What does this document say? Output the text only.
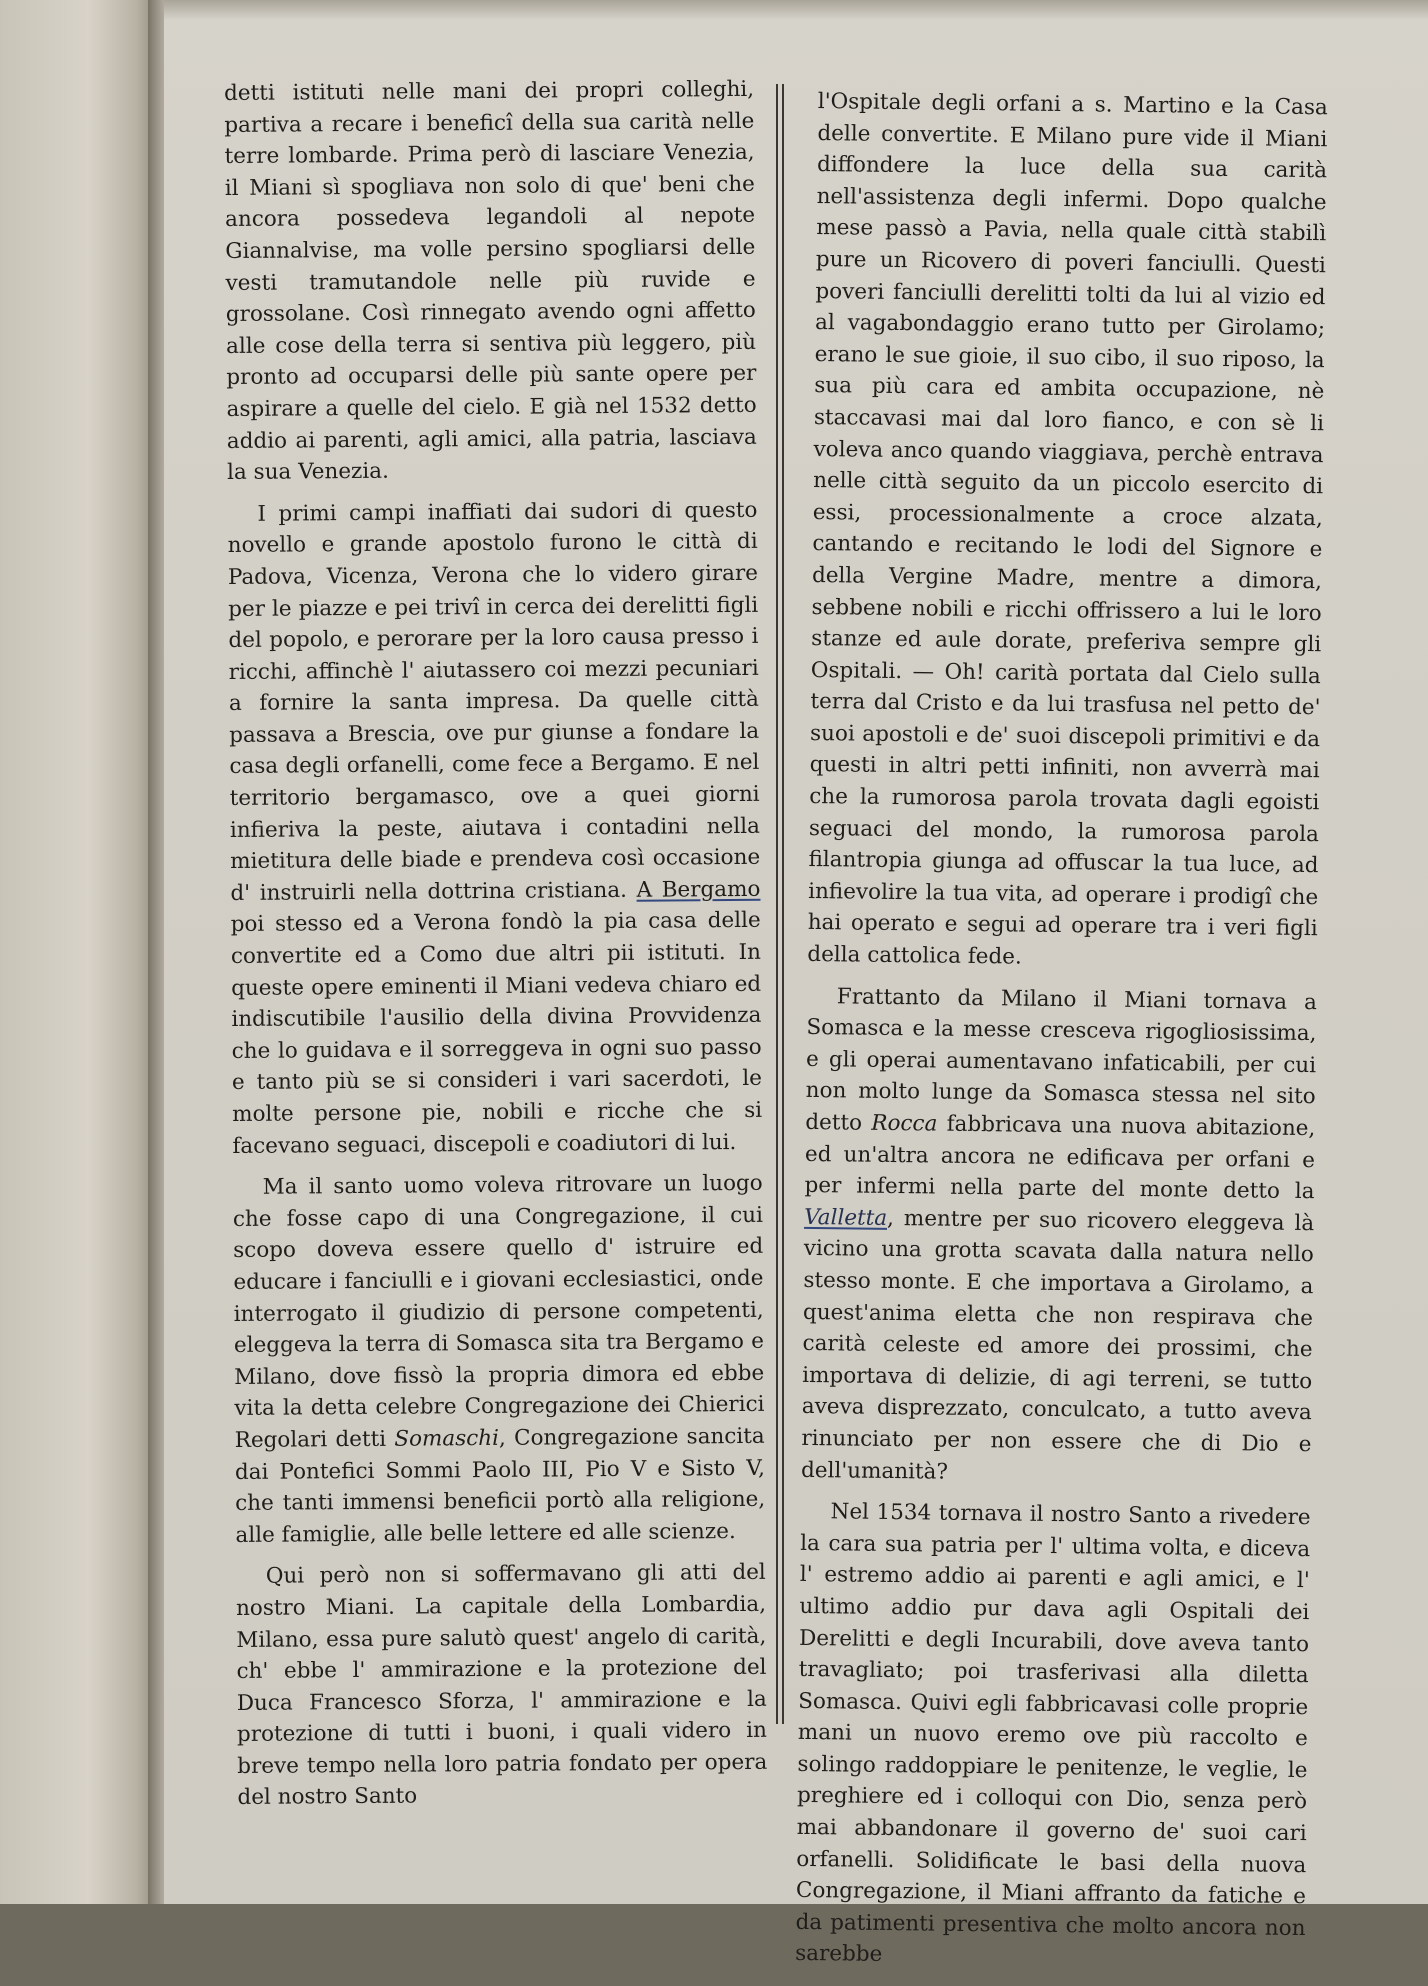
detti istituti nelle mani dei propri colleghi, partiva a recare i beneficî della sua carità nelle terre lombarde. Prima però di lasciare Venezia, il Miani sì spogliava non solo di que' beni che ancora possedeva legandoli al nepote Giannalvise, ma volle persino spogliarsi delle vesti tramutandole nelle più ruvide e grossolane. Così rinnegato avendo ogni affetto alle cose della terra si sentiva più leggero, più pronto ad occuparsi delle più sante opere per aspirare a quelle del cielo. E già nel 1532 detto addio ai parenti, agli amici, alla patria, lasciava la sua Venezia.

I primi campi inaffiati dai sudori di questo novello e grande apostolo furono le città di Padova, Vicenza, Verona che lo videro girare per le piazze e pei trivî in cerca dei derelitti figli del popolo, e perorare per la loro causa presso i ricchi, affinchè l' aiutassero coi mezzi pecuniari a fornire la santa impresa. Da quelle città passava a Brescia, ove pur giunse a fondare la casa degli orfanelli, come fece a Bergamo. E nel territorio bergamasco, ove a quei giorni infieriva la peste, aiutava i contadini nella mietitura delle biade e prendeva così occasione d' instruirli nella dottrina cristiana. A Bergamo poi stesso ed a Verona fondò la pia casa delle convertite ed a Como due altri pii istituti. In queste opere eminenti il Miani vedeva chiaro ed indiscutibile l'ausilio della divina Provvidenza che lo guidava e il sorreggeva in ogni suo passo e tanto più se si consideri i vari sacerdoti, le molte persone pie, nobili e ricche che si facevano seguaci, discepoli e coadiutori di lui.

Ma il santo uomo voleva ritrovare un luogo che fosse capo di una Congregazione, il cui scopo doveva essere quello d' istruire ed educare i fanciulli e i giovani ecclesiastici, onde interrogato il giudizio di persone competenti, eleggeva la terra di Somasca sita tra Bergamo e Milano, dove fissò la propria dimora ed ebbe vita la detta celebre Congregazione dei Chierici Regolari detti Somaschi, Congregazione sancita dai Pontefici Sommi Paolo III, Pio V e Sisto V, che tanti immensi beneficii portò alla religione, alle famiglie, alle belle lettere ed alle scienze.

Qui però non si soffermavano gli atti del nostro Miani. La capitale della Lombardia, Milano, essa pure salutò quest' angelo di carità, ch' ebbe l' ammirazione e la protezione del Duca Francesco Sforza, l' ammirazione e la protezione di tutti i buoni, i quali videro in breve tempo nella loro patria fondato per opera del nostro Santo

l'Ospitale degli orfani a s. Martino e la Casa delle convertite. E Milano pure vide il Miani diffondere la luce della sua carità nell'assistenza degli infermi. Dopo qualche mese passò a Pavia, nella quale città stabilì pure un Ricovero di poveri fanciulli. Questi poveri fanciulli derelitti tolti da lui al vizio ed al vagabondaggio erano tutto per Girolamo; erano le sue gioie, il suo cibo, il suo riposo, la sua più cara ed ambita occupazione, nè staccavasi mai dal loro fianco, e con sè li voleva anco quando viaggiava, perchè entrava nelle città seguito da un piccolo esercito di essi, processionalmente a croce alzata, cantando e recitando le lodi del Signore e della Vergine Madre, mentre a dimora, sebbene nobili e ricchi offrissero a lui le loro stanze ed aule dorate, preferiva sempre gli Ospitali. — Oh! carità portata dal Cielo sulla terra dal Cristo e da lui trasfusa nel petto de' suoi apostoli e de' suoi discepoli primitivi e da questi in altri petti infiniti, non avverrà mai che la rumorosa parola trovata dagli egoisti seguaci del mondo, la rumorosa parola filantropia giunga ad offuscar la tua luce, ad infievolire la tua vita, ad operare i prodigî che hai operato e segui ad operare tra i veri figli della cattolica fede.

Frattanto da Milano il Miani tornava a Somasca e la messe cresceva rigogliosissima, e gli operai aumentavano infaticabili, per cui non molto lunge da Somasca stessa nel sito detto Rocca fabbricava una nuova abitazione, ed un'altra ancora ne edificava per orfani e per infermi nella parte del monte detto la Valletta, mentre per suo ricovero eleggeva là vicino una grotta scavata dalla natura nello stesso monte. E che importava a Girolamo, a quest'anima eletta che non respirava che carità celeste ed amore dei prossimi, che importava di delizie, di agi terreni, se tutto aveva disprezzato, conculcato, a tutto aveva rinunciato per non essere che di Dio e dell'umanità?

Nel 1534 tornava il nostro Santo a rivedere la cara sua patria per l' ultima volta, e diceva l' estremo addio ai parenti e agli amici, e l' ultimo addio pur dava agli Ospitali dei Derelitti e degli Incurabili, dove aveva tanto travagliato; poi trasferivasi alla diletta Somasca. Quivi egli fabbricavasi colle proprie mani un nuovo eremo ove più raccolto e solingo raddoppiare le penitenze, le veglie, le preghiere ed i colloqui con Dio, senza però mai abbandonare il governo de' suoi cari orfanelli. Solidificate le basi della nuova Congregazione, il Miani affranto da fatiche e da patimenti presentiva che molto ancora non sarebbe
